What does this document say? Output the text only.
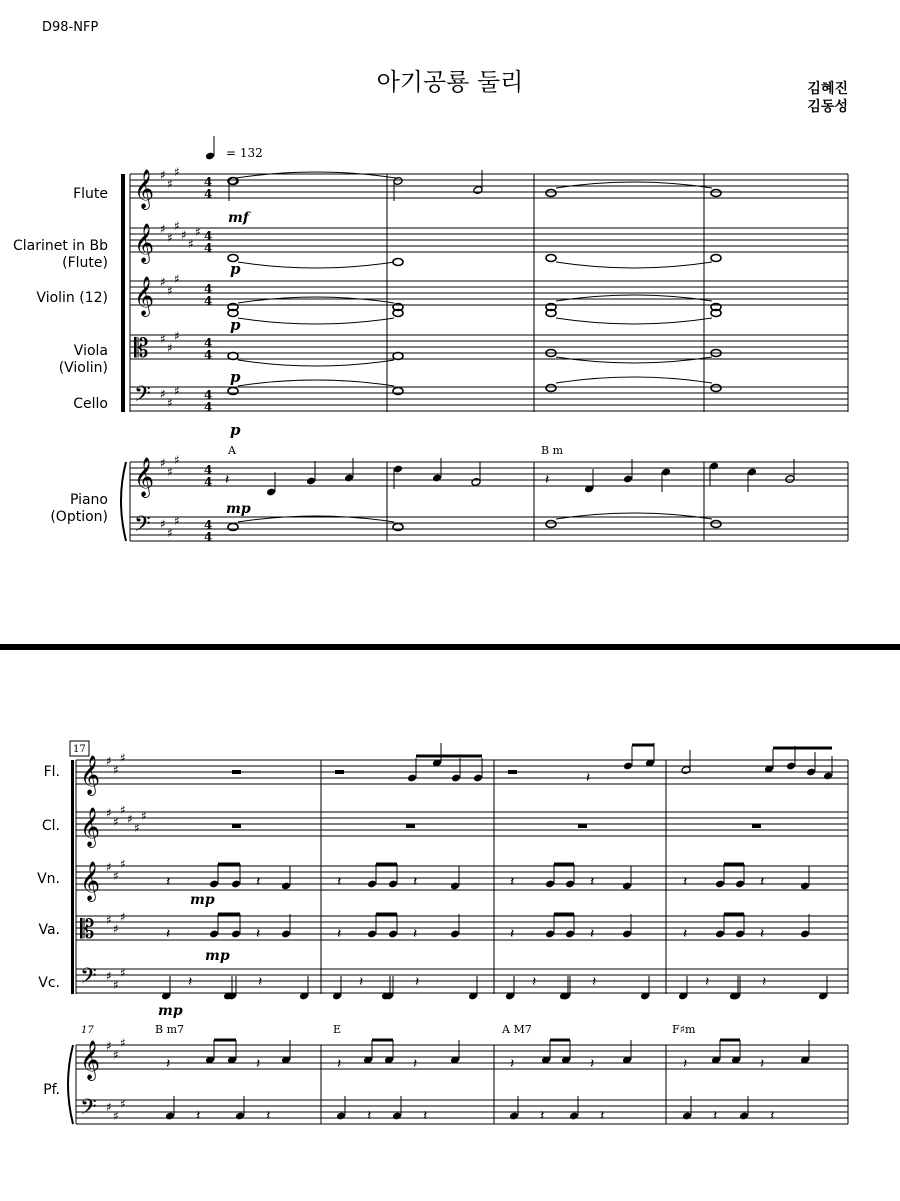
D98-NFP
아기공룡 둘리	김혜진
김동성
Flute
Clarinet in Bb
(Flute)
Violin (12)
Viola
(Violin)
Cello
Piano
(Option)
Fl.
Cl.
Vn.
Va.
Vc.
Pf.
𝄞 ♯
♯
♯
4
4
𝄞 ♯
♯
♯
♯
♯
♯ 4
4
𝄞 ♯
♯
♯
4
4
𝄡 ♯
♯
♯ 4
4
𝄢 ♯
♯
♯ 4
4
𝄞 ♯
♯
♯
4
4
𝄢 ♯
♯
♯ 4
4
𝄽	𝄽
𝄞 ♯
♯
♯
𝄞 ♯
♯
♯
♯
♯
♯
𝄞 ♯
♯
♯
𝄡 ♯
♯
♯
𝄢 ♯
♯
♯
𝄞 ♯
♯
♯
𝄢 ♯
♯
♯
𝄽
𝄽	𝄽
𝄽	𝄽
𝄽	𝄽
𝄽	𝄽
𝄽	𝄽
𝄽	𝄽
𝄽	𝄽
𝄽	𝄽
𝄽	𝄽
𝄽	𝄽
𝄽	𝄽
𝄽	𝄽
𝄽	𝄽
𝄽	𝄽
𝄽	𝄽
𝄽	𝄽
𝄽	𝄽
𝄽	𝄽
𝄽	𝄽
𝄽	𝄽
= 132
mf
p
p
p
p
mp
A	B m
17
17
mp
mp
mp
B m7	E	A M7	F♯m
